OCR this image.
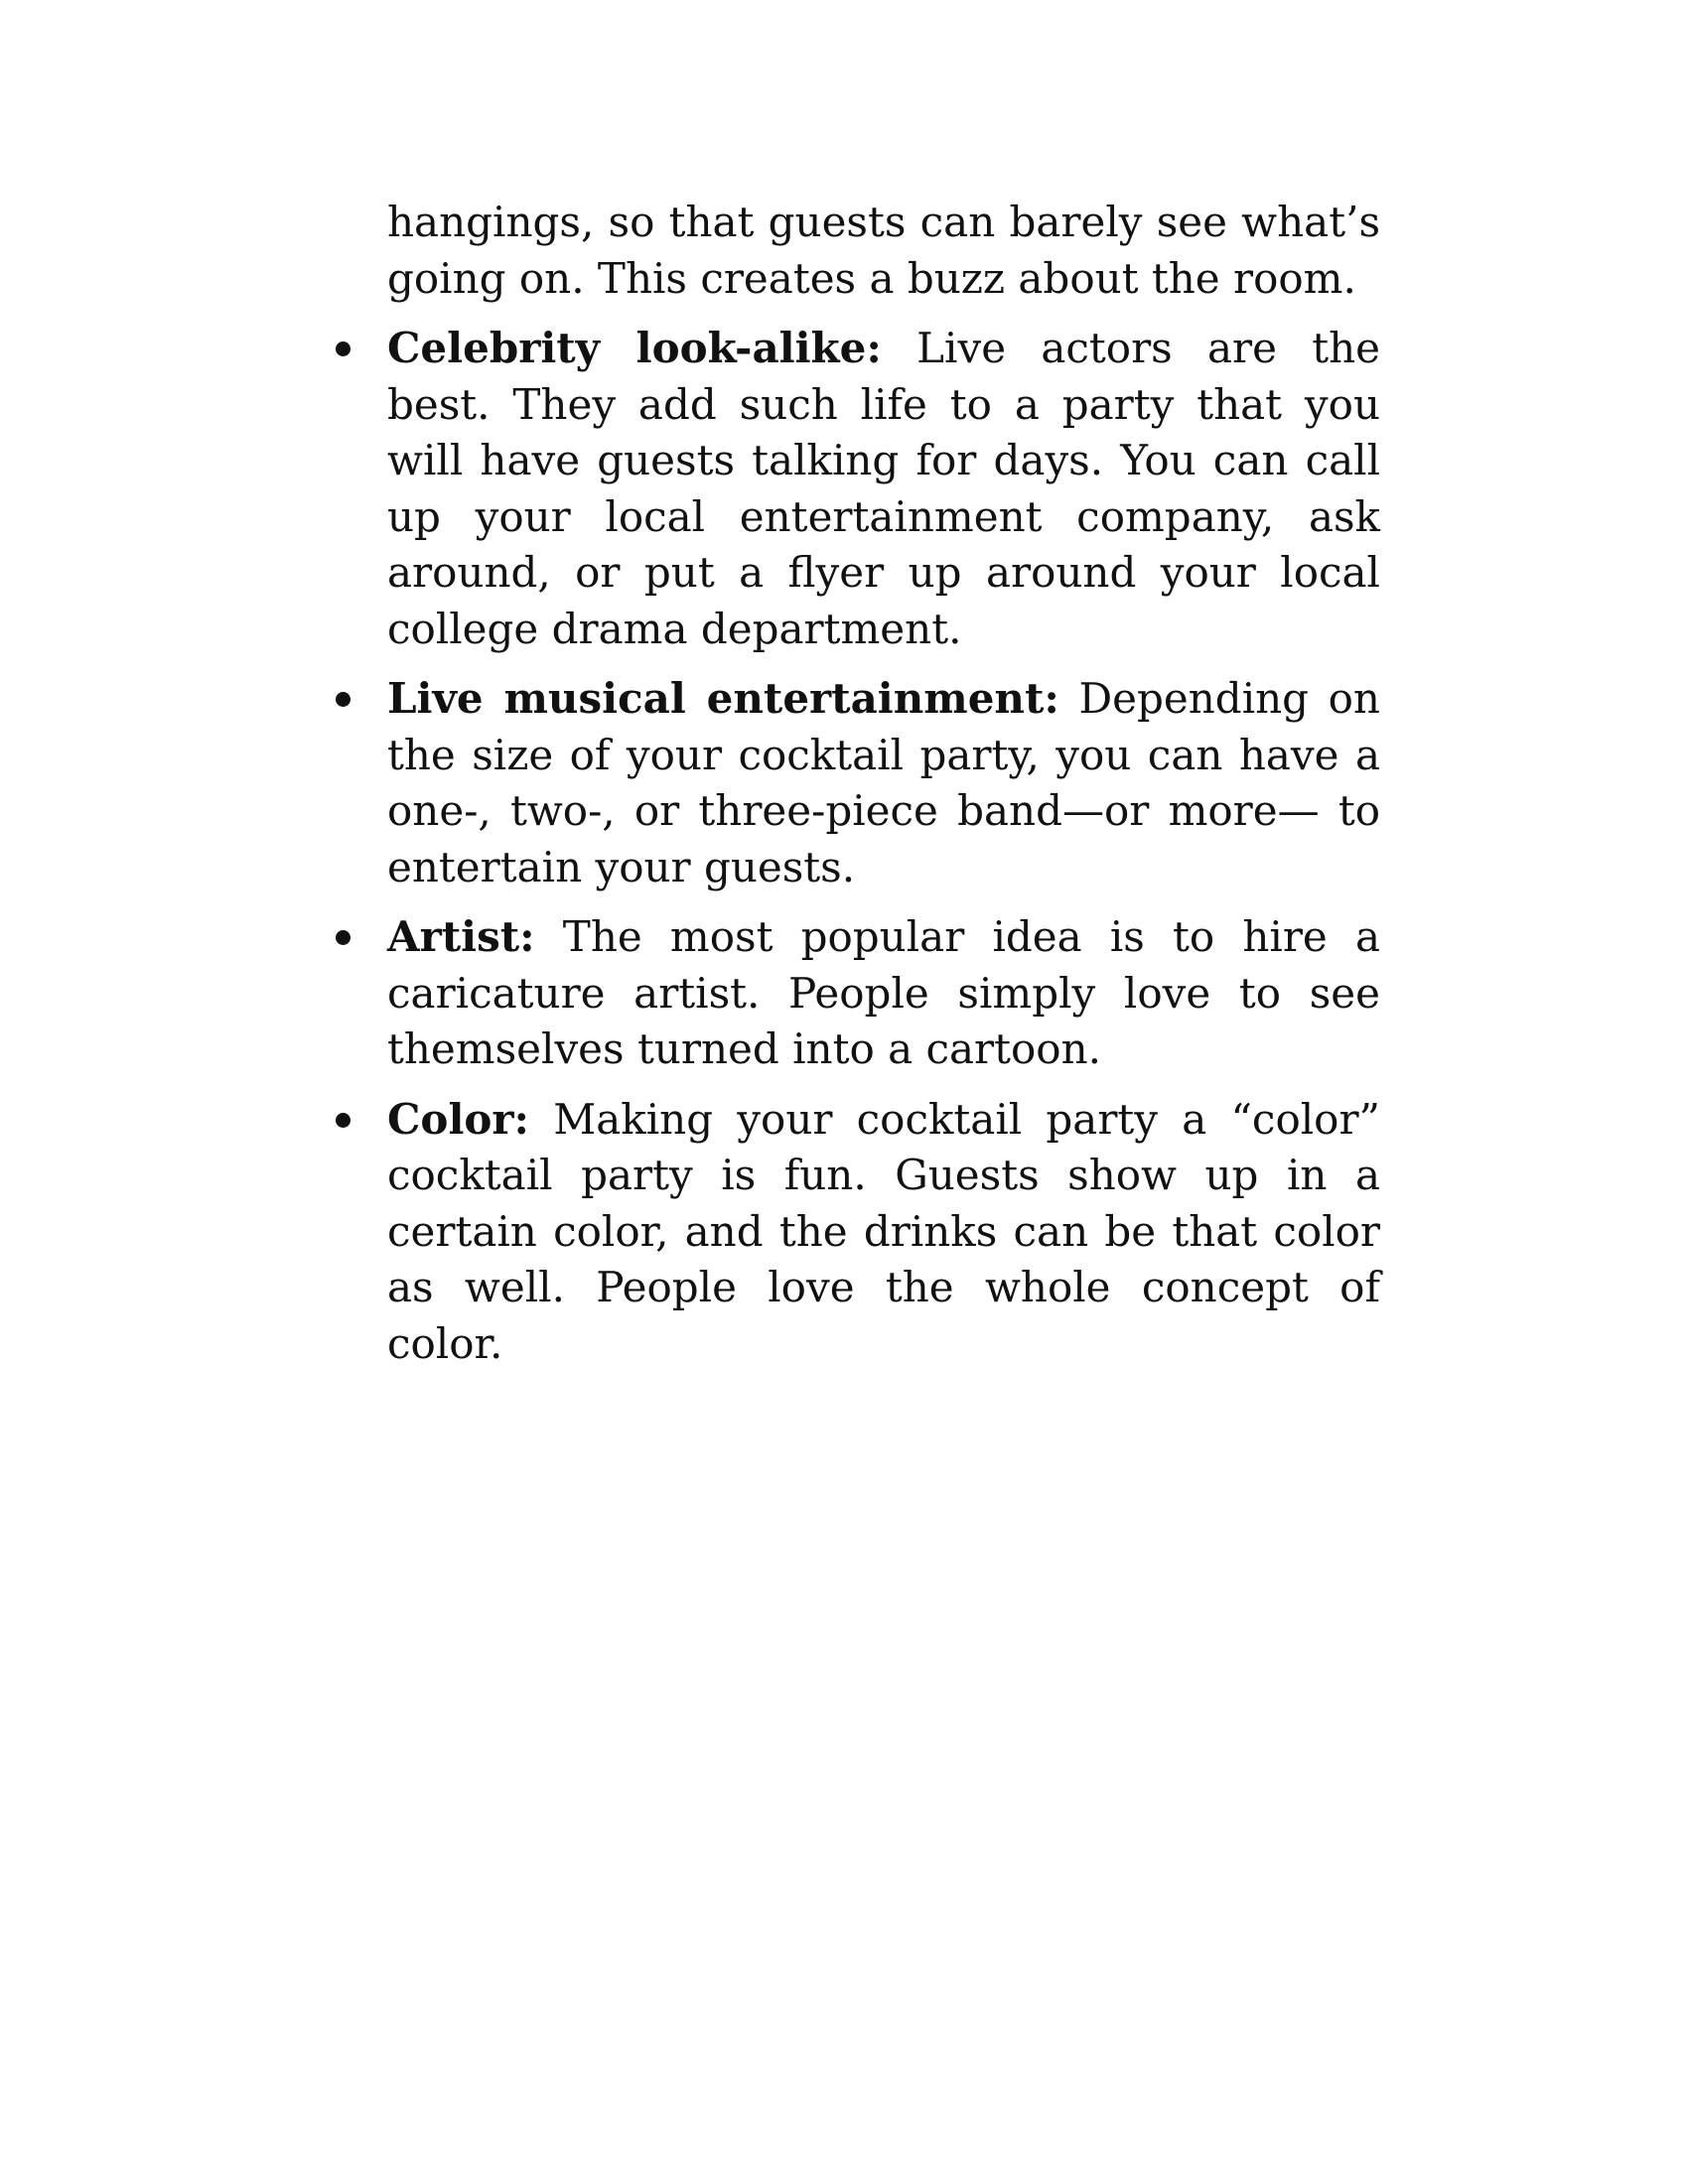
hangings, so that guests can barely see what’s going on. This creates a buzz about the room.

Celebrity look-alike: Live actors are the best. They add such life to a party that you will have guests talking for days. You can call up your local entertainment company, ask around, or put a flyer up around your local college drama department.
Live musical entertainment: Depending on the size of your cocktail party, you can have a one-, two-, or three-piece band—or more— to entertain your guests.
Artist: The most popular idea is to hire a caricature artist. People simply love to see themselves turned into a cartoon.
Color: Making your cocktail party a “color” cocktail party is fun. Guests show up in a certain color, and the drinks can be that color as well. People love the whole concept of color.
